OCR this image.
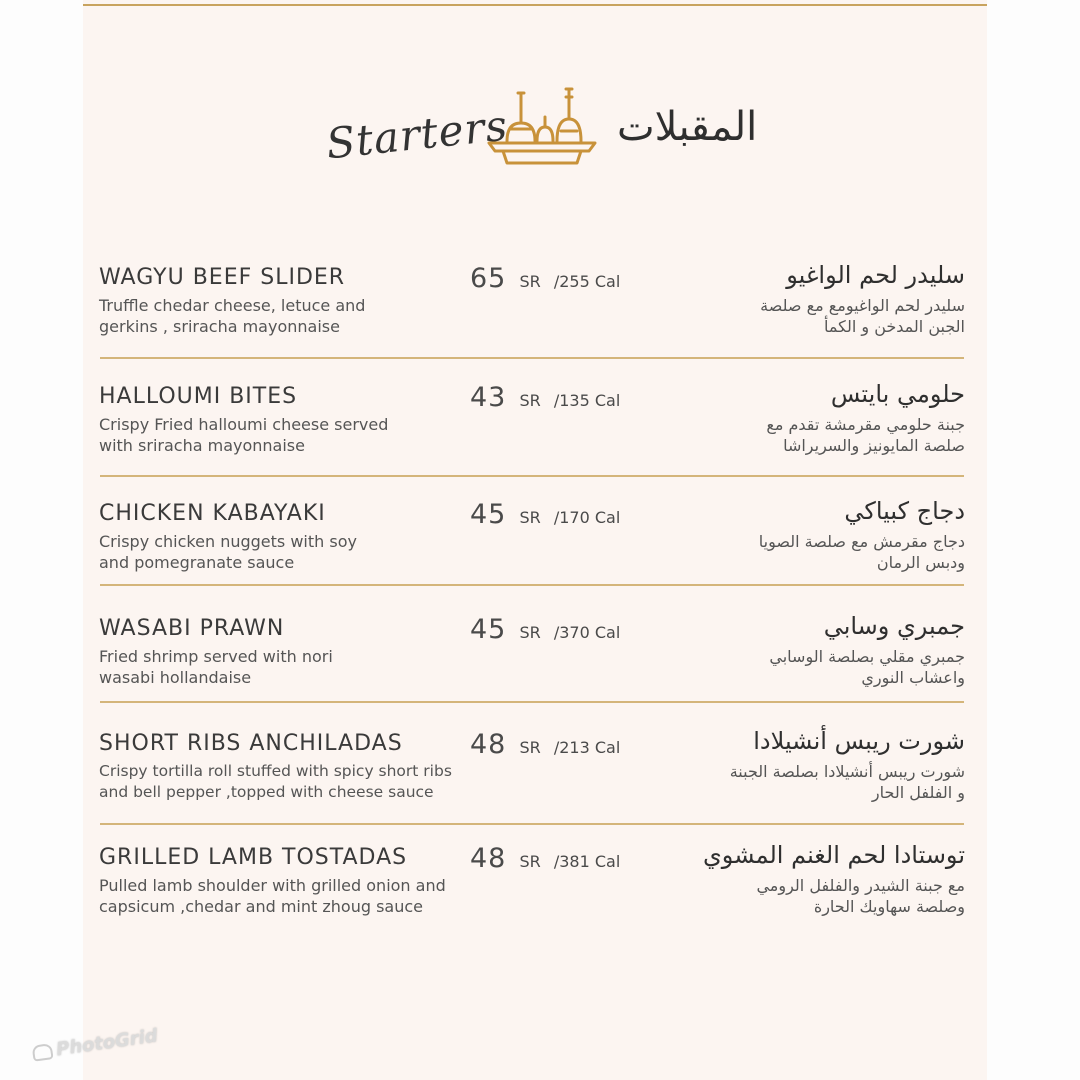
Starters	المقبلات
WAGYU BEEF SLIDER
Truffle chedar cheese, letuce and
gerkins , sriracha mayonnaise
65 SR /255 Cal	سليدر لحم الواغيو
سليدر لحم الواغيومع مع صلصة
الجبن المدخن و الكمأ
HALLOUMI BITES
Crispy Fried halloumi cheese served
with sriracha mayonnaise
43 SR /135 Cal	حلومي بايتس
جبنة حلومي مقرمشة تقدم مع
صلصة المايونيز والسريراشا
CHICKEN KABAYAKI
Crispy chicken nuggets with soy
and pomegranate sauce
45 SR /170 Cal	دجاج كبياكي
دجاج مقرمش مع صلصة الصويا
ودبس الرمان
WASABI PRAWN
Fried shrimp served with nori
wasabi hollandaise
45 SR /370 Cal	جمبري وسابي
جمبري مقلي بصلصة الوسابي
واعشاب النوري
SHORT RIBS ANCHILADAS
Crispy tortilla roll stuffed with spicy short ribs
and bell pepper ,topped with cheese sauce
48 SR /213 Cal	شورت ريبس أنشيلادا
شورت ريبس أنشيلادا بصلصة الجبنة
و الفلفل الحار
GRILLED LAMB TOSTADAS
Pulled lamb shoulder with grilled onion and
capsicum ,chedar and mint zhoug sauce
48 SR /381 Cal	توستادا لحم الغنم المشوي
مع جبنة الشيدر والفلفل الرومي
وصلصة سهاويك الحارة
PhotoGrid
